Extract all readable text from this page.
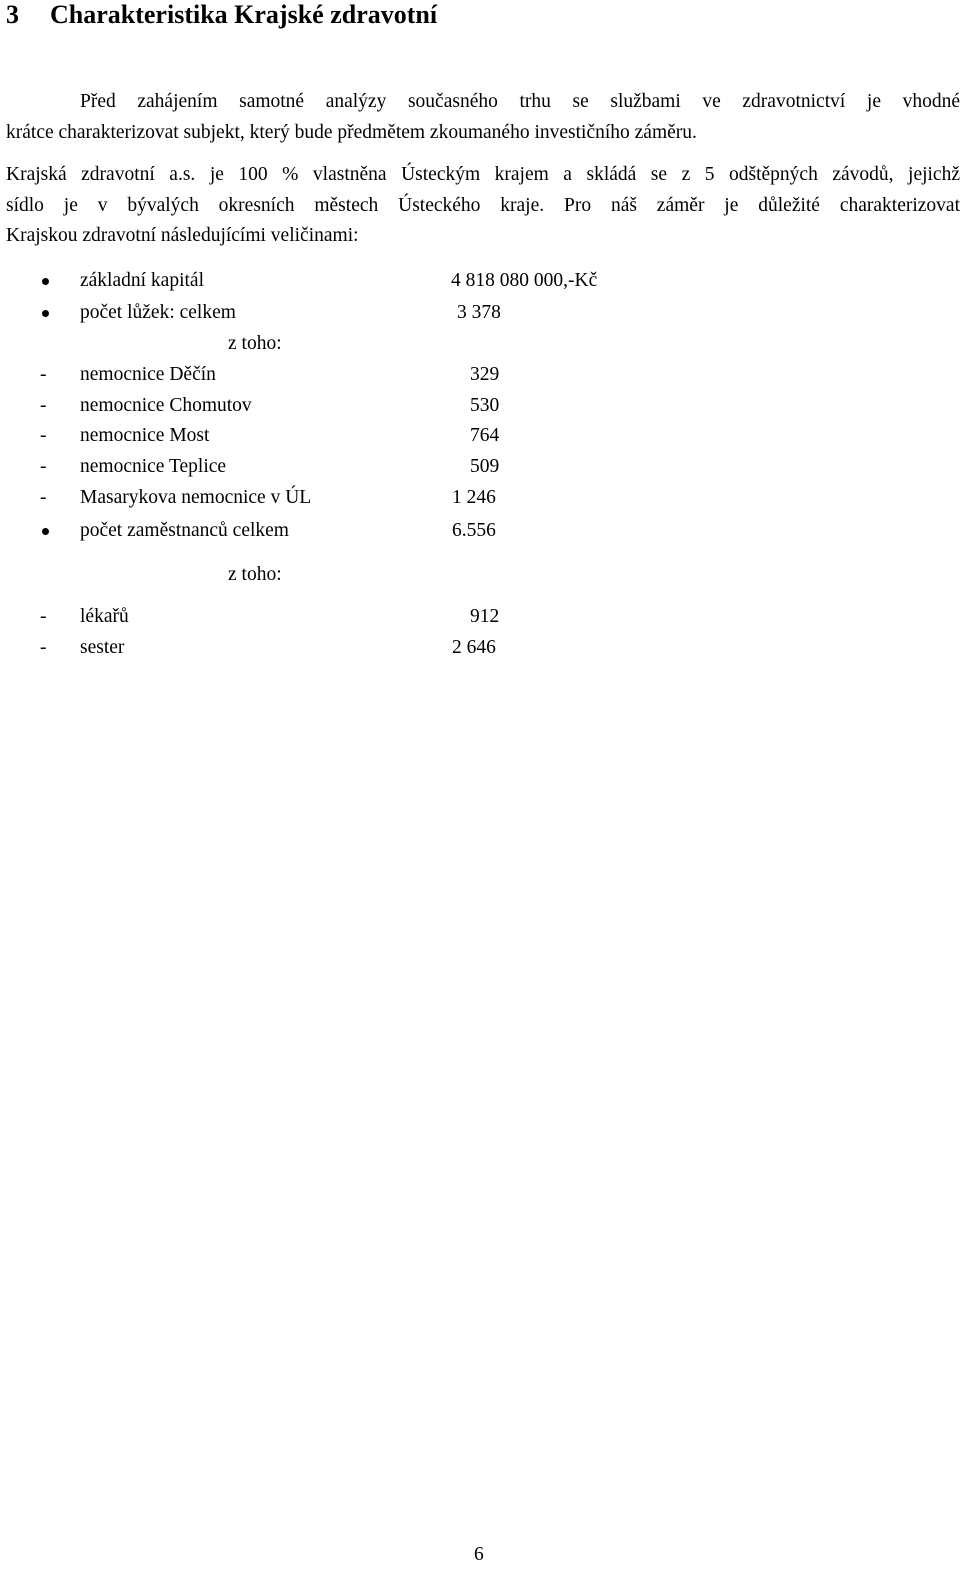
3 Charakteristika Krajské zdravotní
Před zahájením samotné analýzy současného trhu se službami ve zdravotnictví je vhodné
krátce charakterizovat subjekt, který bude předmětem zkoumaného investičního záměru.
Krajská zdravotní a.s. je 100 % vlastněna Ústeckým krajem a skládá se z 5 odštěpných závodů, jejichž
sídlo je v bývalých okresních městech Ústeckého kraje. Pro náš záměr je důležité charakterizovat
Krajskou zdravotní následujícími veličinami:
základní kapitál	4 818 080 000,-Kč
počet lůžek: celkem	3 378
z toho:
- nemocnice Děčín	329
- nemocnice Chomutov	530
- nemocnice Most	764
- nemocnice Teplice	509
- Masarykova nemocnice v ÚL	1 246
počet zaměstnanců celkem	6.556
z toho:
- lékařů	912
- sester	2 646
6
